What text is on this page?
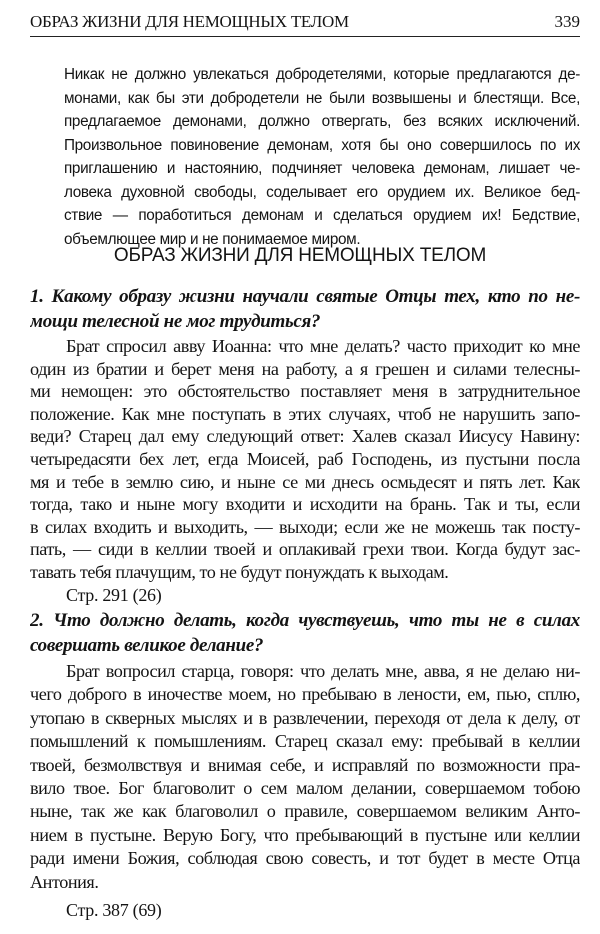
ОБРАЗ ЖИЗНИ ДЛЯ НЕМОЩНЫХ ТЕЛОМ	339
Никак не должно увлекаться добродетелями, которые предлагаются де-
монами, как бы эти добродетели не были возвышены и блестящи. Все,
предлагаемое демонами, должно отвергать, без всяких исключений.
Произвольное повиновение демонам, хотя бы оно совершилось по их
приглашению и настоянию, подчиняет человека демонам, лишает че-
ловека духовной свободы, соделывает его орудием их. Великое бед-
ствие — поработиться демонам и сделаться орудием их! Бедствие,
объемлющее мир и не понимаемое миром.
ОБРАЗ ЖИЗНИ ДЛЯ НЕМОЩНЫХ ТЕЛОМ
1. Какому образу жизни научали святые Отцы тех, кто по не-
мощи телесной не мог трудиться?
Брат спросил авву Иоанна: что мне делать? часто приходит ко мне
один из братии и берет меня на работу, а я грешен и силами телесны-
ми немощен: это обстоятельство поставляет меня в затруднительное
положение. Как мне поступать в этих случаях, чтоб не нарушить запо-
веди? Старец дал ему следующий ответ: Халев сказал Иисусу Навину:
четыредасяти бех лет, егда Моисей, раб Господень, из пустыни посла
мя и тебе в землю сию, и ныне се ми днесь осмьдесят и пять лет. Как
тогда, тако и ныне могу входити и исходити на брань. Так и ты, если
в силах входить и выходить, — выходи; если же не можешь так посту-
пать, — сиди в келлии твоей и оплакивай грехи твои. Когда будут зас-
тавать тебя плачущим, то не будут понуждать к выходам.
Стр. 291 (26)
2. Что должно делать, когда чувствуешь, что ты не в силах
совершать великое делание?
Брат вопросил старца, говоря: что делать мне, авва, я не делаю ни-
чего доброго в иночестве моем, но пребываю в лености, ем, пью, сплю,
утопаю в скверных мыслях и в развлечении, переходя от дела к делу, от
помышлений к помышлениям. Старец сказал ему: пребывай в келлии
твоей, безмолвствуя и внимая себе, и исправляй по возможности пра-
вило твое. Бог благоволит о сем малом делании, совершаемом тобою
ныне, так же как благоволил о правиле, совершаемом великим Анто-
нием в пустыне. Верую Богу, что пребывающий в пустыне или келлии
ради имени Божия, соблюдая свою совесть, и тот будет в месте Отца
Антония.
Стр. 387 (69)
